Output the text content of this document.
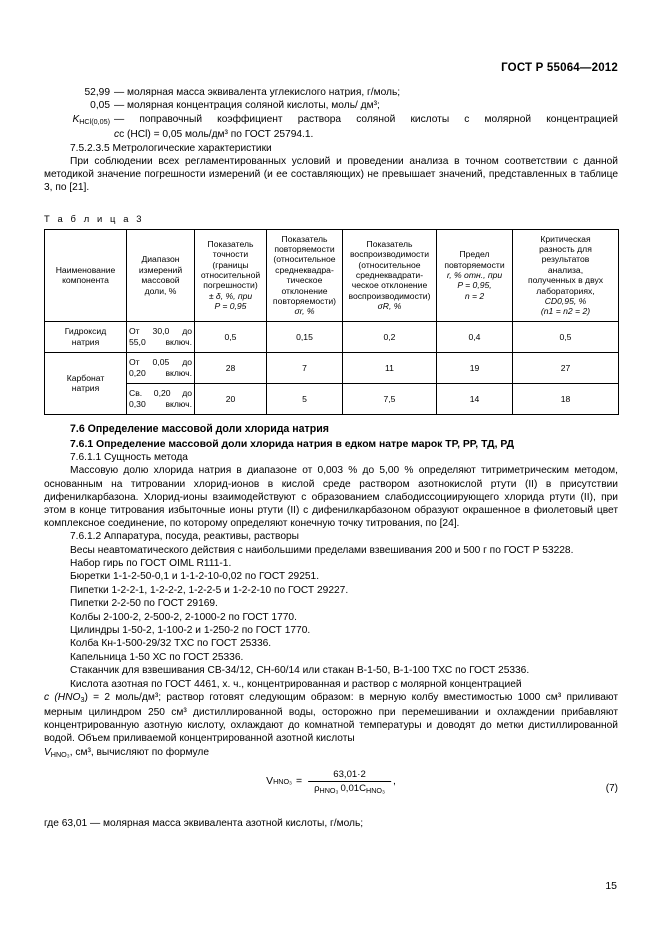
ГОСТ Р 55064—2012
52,99 — молярная масса эквивалента углекислого натрия, г/моль;
0,05 — молярная концентрация соляной кислоты, моль/ дм³;
$K_{HCl(0,05)}$ — поправочный коэффициент раствора соляной кислоты с молярной концентрацией
сс (HCl) = 0,05 моль/дм³ по ГОСТ 25794.1.
7.5.2.3.5 Метрологические характеристики

При соблюдении всех регламентированных условий и проведении анализа в точном соответствии с данной методикой значение погрешности измерений (и ее составляющих) не превышает значений, представленных в таблице 3, по [21].

Т а б л и ц а 3
Наименование
компонента	Диапазон
измерений
массовой
доли, %	Показатель
точности
(границы
относительной
погрешности)
± δ, %, при
P = 0,95	Показатель
повторяемости
(относительное
среднеквадра-
тическое
отклонение
повторяемости)
σr, %	Показатель
воспроизводимости
(относительное
среднеквадрати-
ческое отклонение
воспроизводимости)
σR, %	Предел
повторяемости
r, % отн., при
P = 0,95,
n = 2	Критическая
разность для
результатов
анализа,
полученных в двух
лабораториях,
CD0,95, %
(n1 = n2 = 2)
Гидроксид
натрия	От 30,0 до
55,0 включ.	0,5	0,15	0,2	0,4	0,5
Карбонат
натрия	От 0,05 до
0,20 включ.	28	7	11	19	27
	Св. 0,20 до
0,30 включ.	20	5	7,5	14	18
7.6 Определение массовой доли хлорида натрия
7.6.1 Определение массовой доли хлорида натрия в едком натре марок ТР, РР, ТД, РД
7.6.1.1 Сущность метода

Массовую долю хлорида натрия в диапазоне от 0,003 % до 5,00 % определяют титриметрическим методом, основанным на титровании хлорид-ионов в кислой среде раствором азотнокислой ртути (II) в присутствии дифенилкарбазона. Хлорид-ионы взаимодействуют с образованием слабодиссоциирующего хлорида ртути (II), при этом в конце титрования избыточные ионы ртути (II) с дифенилкарбазоном образуют окрашенное в фиолетовый цвет комплексное соединение, по которому определяют конечную точку титрования, по [24].

7.6.1.2 Аппаратура, посуда, реактивы, растворы

Весы неавтоматического действия с наибольшими пределами взвешивания 200 и 500 г по ГОСТ Р 53228.

Набор гирь по ГОСТ OIML R111-1.
Бюретки 1-1-2-50-0,1 и 1-1-2-10-0,02 по ГОСТ 29251.
Пипетки 1-2-2-1, 1-2-2-2, 1-2-2-5 и 1-2-2-10 по ГОСТ 29227.
Пипетки 2-2-50 по ГОСТ 29169.
Колбы 2-100-2, 2-500-2, 2-1000-2 по ГОСТ 1770.
Цилиндры 1-50-2, 1-100-2 и 1-250-2 по ГОСТ 1770.
Колба Кн-1-500-29/32 ТХС по ГОСТ 25336.
Капельница 1-50 ХС по ГОСТ 25336.
Стаканчик для взвешивания СВ-34/12, СН-60/14 или стакан В-1-50, В-1-100 ТХС по ГОСТ 25336.

Кислота азотная по ГОСТ 4461, х. ч., концентрированная и раствор с молярной концентрацией

с $(HNO_3) = 2$ моль/дм³; раствор готовят следующим образом: в мерную колбу вместимостью 1000 см³ приливают мерным цилиндром 250 см³ дистиллированной воды, осторожно при перемешивании и охлаждении прибавляют концентрированную азотную кислоту, охлаждают до комнатной температуры и доводят до метки дистиллированной водой. Объем приливаемой концентрированной азотной кислоты

$V_{HNO_3}$, см³, вычисляют по формуле

V $HNO_3 = \frac{63,01\cdot 2}{\rho_{HNO_3} 0,01C_{HNO_3}}$ ,
(7)

где 63,01 — молярная масса эквивалента азотной кислоты, г/моль;

15
